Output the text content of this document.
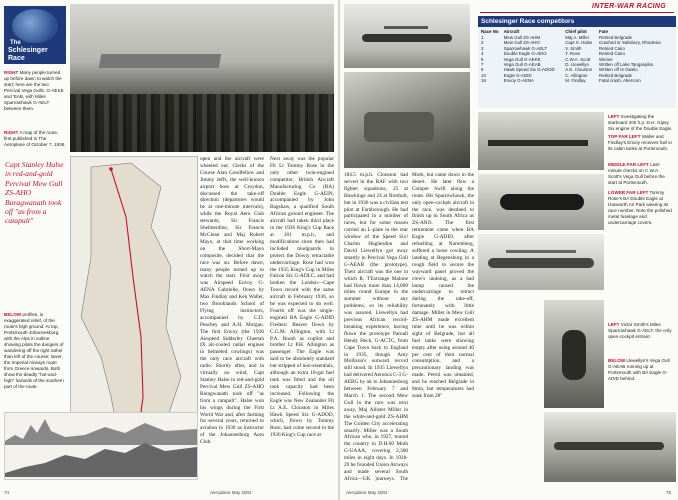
The
Schlesinger Race
RIGHT Many people turned up before dawn to watch the start; here are the two Percival Vega Gulls, G-AEKE and 'EAB, with Miles Sparrowhawk G-AELT between them.
RIGHT A map of the route, first published in The Aeroplane of October 7, 1936.
Capt Stanley Halse in red-and-gold Percival Mew Gull ZS-AHO Baragwanath took off "as from a catapult"
BELOW profiles, in exaggerated relief, of the route's high ground. At top, Portsmouth-Johannesburg, with the Alps in outline showing pilots the dangers of wandering off the right rather than left of the course; lower, the Imperial Airways route from Greece onwards. Both show the deadly "hot-and-high" hazards of the southern part of the route.
open and the aircraft were wheeled out. Clerks of the Course Alan Goodfellow and Jimmy Jeffs, the well-known airport boss at Croydon, discussed the take-off direction (departures would be at one-minute intervals), while the Royal Aero Club stewards, Sir Francis Shelmerdine, Sir Francis McClean and Maj Robert Mayo, at that time working on the Short-Mayo composite, decided that the race was on. Before dawn, many people turned up to watch the start. First away was Airspeed Envoy G-AENA Gabrielle, flown by Max Findlay and Ken Waller, two Brooklands School of Flying instructors, accompanied by C.D. Peachey and A.H. Morgan. The first Envoy (the 1936 Airspeed Sidderley Cheetah IX air-cooled radial engines in helmeted cowlings) was the only race aircraft with radio. Shortly after, and in virtually no wind, Capt Stanley Halse in red-and-gold Percival Mew Gull ZS-AHO Baragwanath took off "as from a catapult". Halse won his wings during the First World War and, after farming for several years, returned to aviation in 1930 as instructor of the Johannesburg Aero Club.
Next away was the popular Flt Lt Tommy Rose in the only other twin-engined competitor, British Aircraft Manufacturing Co (BA) Double Eagle G-AEIN, accompanied by John Bagshaw, a qualified South African ground engineer. The aircraft had taken third place in the 1936 King's Cup Race at 181 m.p.h., and modifications since then had included mudguards to protect the Dowty retractable undercarriage. Rose had won the 1935 King's Cup in Miles Falcon Six G-ADLC, and had broken the London—Cape Town record with the same aircraft in February 1936, so he was expected to do well. Fourth off was the single-engined BA Eagle G-ADID Frederic Beaver flown by C.G.M. Allington, with Lt P.A. Booth as copilot and brother Lt P.H. Allington as passenger. The Eagle was said to be absolutely standard but stripped of non-essentials, although an extra 10-gal fuel tank was fitted and the oil tank capacity had been increased. Following the Eagle was New Zealander Flt Lt A.E. Clouston in Miles Hawk Speed Six G-ADOD, which, flown by Tommy Rose, had come second in the 1936 King's Cup race at
74	Aeroplane May 2002
INTER-WAR RACING
Schlesinger Race competitors
Race No	Aircraft	Chief pilot	Fate
1	Mew Gull ZS-AHM	Maj A. Miller	Retired Belgrade
2	Mew Gull ZS-AHO	Capt S. Halse	Crashed nr Salisbury, Rhodesia
3	Sparrowhawk G-AELT	V. Smith	Retired Cairo
4	Double Eagle G-AEIO	T. Rose	Retired Cairo
6	Vega Gull G-AEKE	C.W.A. Scott	Winner
7	Vega Gull G-AEAB	D. Llewellyn	Written off Lake Tanganyika
8	Hawk Speed Six G-ADOD	A.E. Clouston	Written off nr Gwelo
10	Eagle G-ADID	C. Allington	Retired Belgrade
19	Envoy G-AENA	M. Findlay	Fatal crash, Abercorn
LEFT Investigating the starboard 200 h.p. D.H. Gipsy Six engine of the Double Eagle.
TOP FAR LEFT Waller and Findlay's Envoy receives fuel in its cabin tanks at Portsmouth.
MIDDLE FAR LEFT Last-minute checks on C.W.A. Scott's Vega Gull before the start at Portsmouth.
LOWER FAR LEFT Tommy Rose's BA Double Eagle at Hanworth Air Park wearing its race number. Note the polished metal fuselage and undercarriage covers.
LEFT Victor Smith's Miles Sparrowhawk G-AELT, the only open-cockpit entrant.
BELOW Llewellyn's Vega Gull G-AEAB running up at Portsmouth with BA Eagle G-ADID behind.
184.5 m.p.h. Clouston had served in the RAF with two fighter squadrons, 25 at Hawkinge and 24 at Northolt, but in 1936 was a civilian test pilot at Farnborough. He had participated in a number of races, but for some reason carried an L-plate in the rear window of the Speed Six! Charles Hughesdon and David Llewellyn got away smartly in Percival Vega Gull G-AEAB (the prototype). Their aircraft was the one in which R. T'Estrange Malone had flown more than 14,000 miles round Europe in the summer without any problems, so its reliability was assured. Llewellyn had previous African record-breaking experience, having flown the prototype Parnall Hendy Heck, G-ACTC, from Cape Town back to England in 1935, though Amy Mollison's outward record still stood. In 1935 Llewellyn had delivered Aeronca C-3 G-AEBG by air to Johannesburg between February 7 and March 1. The second Mew Gull in the race was next away, Maj Allister Miller in the white-and-gold ZS-AHM The Golden City accelerating smartly. Miller was a South African who, in 1927, toured the country in D.H.60 Moth G-UAAA, covering 2,300 miles in eight days. In 1928-29 he founded Union Airways and made several South Africa—UK journeys. The
Moth, but came down in the desert. He later flew a Comper Swift along the route. His Sparrowhawk, the only open-cockpit aircraft in the race, was destined to finish up in South Africa as ZS-ANO. The first retirement came when BA Eagle G-ADID, after refuelling at Nuremberg, suffered a loose cowling. A landing at Regensburg in a rough field to secure the wayward panel proved the crew's undoing, as a bad bump caused the undercarriage to retract during the take-off, fortunately with little damage. Miller in Mew Gull ZS-AHM made excellent time until he was within sight of Belgrade, but all fuel tanks were showing empty after using around 40 per cent of their normal consumption, and a precautionary landing was made. Petrol was obtained, and he reached Belgrade in 8min, but temperatures had sunk from 28"
Aeroplane May 2002	75
